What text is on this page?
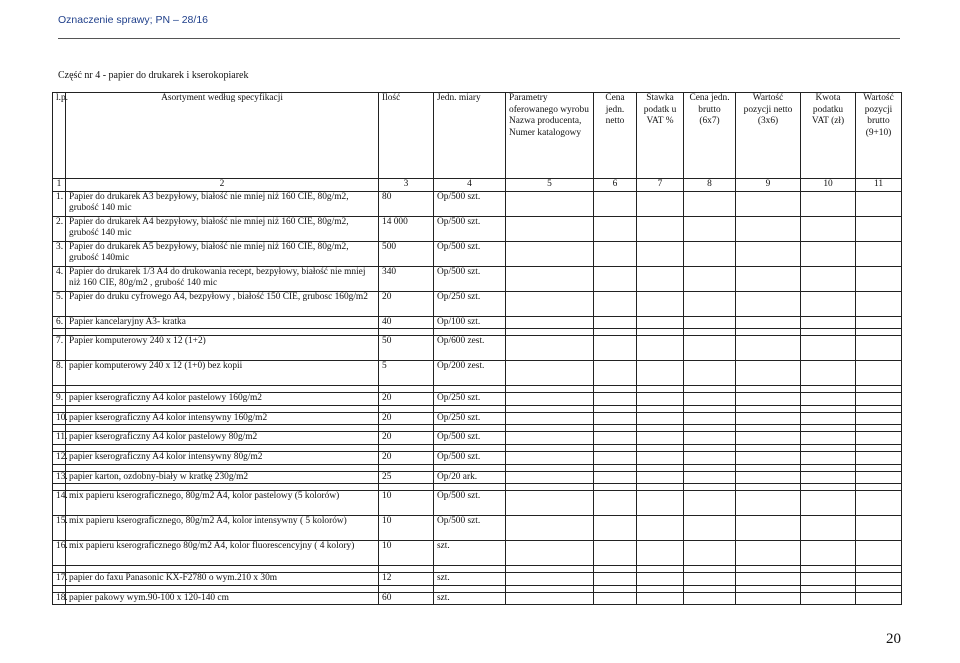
Oznaczenie sprawy; PN – 28/16
Część nr 4 - papier do drukarek i kserokopiarek
l.p.	Asortyment według specyfikacji	Ilość	Jedn. miary	Parametry oferowanego wyrobu Nazwa producenta, Numer katalogowy	Cena jedn. netto	Stawka podatk u VAT %	Cena jedn. brutto (6x7)	Wartość pozycji netto (3x6)	Kwota podatku VAT (zł)	Wartość pozycji brutto (9+10)
1	2	3	4	5	6	7	8	9	10	11
1.	Papier do drukarek A3 bezpyłowy, białość nie mniej niż 160 CIE, 80g/m2, grubość 140 mic	80	Op/500 szt.							
2.	Papier do drukarek A4 bezpyłowy, białość nie mniej niż 160 CIE, 80g/m2, grubość 140 mic	14 000	Op/500 szt.							
3.	Papier do drukarek A5 bezpyłowy, białość nie mniej niż 160 CIE, 80g/m2, grubość 140mic	500	Op/500 szt.							
4.	Papier do drukarek 1/3 A4 do drukowania recept, bezpyłowy, białość nie mniej niż 160 CIE, 80g/m2 , grubość 140 mic	340	Op/500 szt.							
5.	Papier do druku cyfrowego A4, bezpyłowy , białość 150 CIE, grubosc 160g/m2	20	Op/250 szt.							
6.	Papier kancelaryjny A3- kratka	40	Op/100 szt.							

7.	Papier komputerowy 240 x 12 (1+2)	50	Op/600 zest.							
8.	papier komputerowy 240 x 12 (1+0) bez kopii	5	Op/200 zest.							

9.	papier kserograficzny A4 kolor pastelowy 160g/m2	20	Op/250 szt.							

10.	papier kserograficzny A4 kolor intensywny 160g/m2	20	Op/250 szt.							

11.	papier kserograficzny A4 kolor pastelowy 80g/m2	20	Op/500 szt.							

12.	papier kserograficzny A4 kolor intensywny 80g/m2	20	Op/500 szt.							

13.	papier karton, ozdobny-biały w kratkę 230g/m2	25	Op/20 ark.							

14.	mix papieru kserograficznego, 80g/m2 A4, kolor pastelowy (5 kolorów)	10	Op/500 szt.							
15.	mix papieru kserograficznego, 80g/m2 A4, kolor intensywny ( 5 kolorów)	10	Op/500 szt.							
16.	mix papieru kserograficznego 80g/m2 A4, kolor fluorescencyjny ( 4 kolory)	10	szt.							

17.	papier do faxu Panasonic KX-F2780 o wym.210 x 30m	12	szt.							

18.	papier pakowy wym.90-100 x 120-140 cm	60	szt.							
20
